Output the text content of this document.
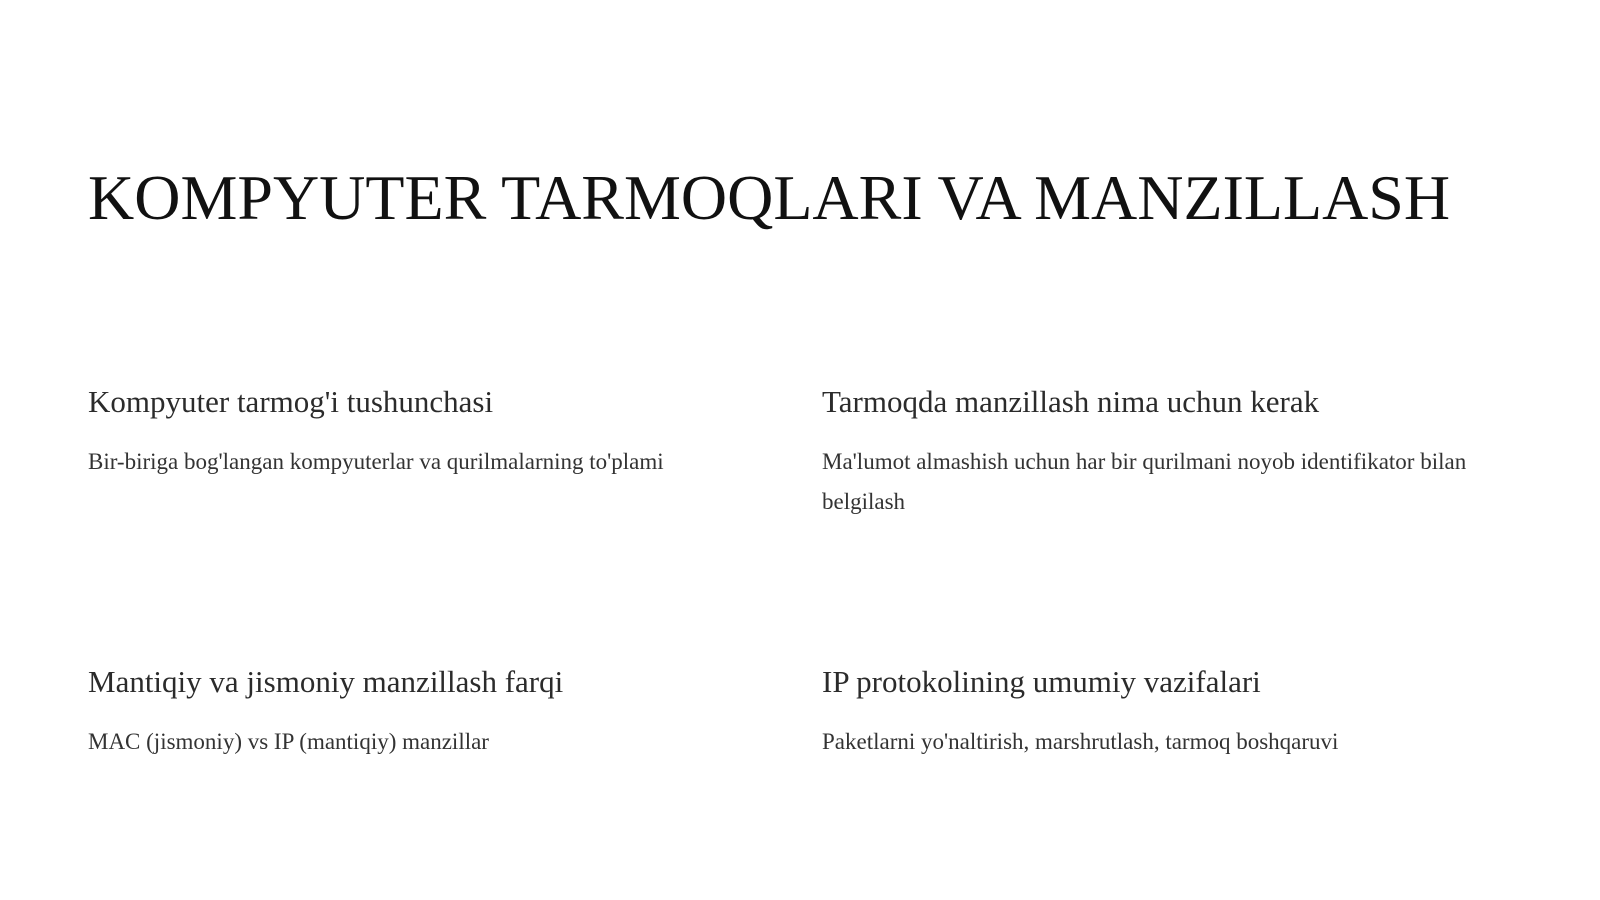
KOMPYUTER TARMOQLARI VA MANZILLASH
Kompyuter tarmog'i tushunchasi

Bir-biriga bog'langan kompyuterlar va qurilmalarning to'plami

Tarmoqda manzillash nima uchun kerak

Ma'lumot almashish uchun har bir qurilmani noyob identifikator bilan belgilash

Mantiqiy va jismoniy manzillash farqi

MAC (jismoniy) vs IP (mantiqiy) manzillar

IP protokolining umumiy vazifalari

Paketlarni yo'naltirish, marshrutlash, tarmoq boshqaruvi
